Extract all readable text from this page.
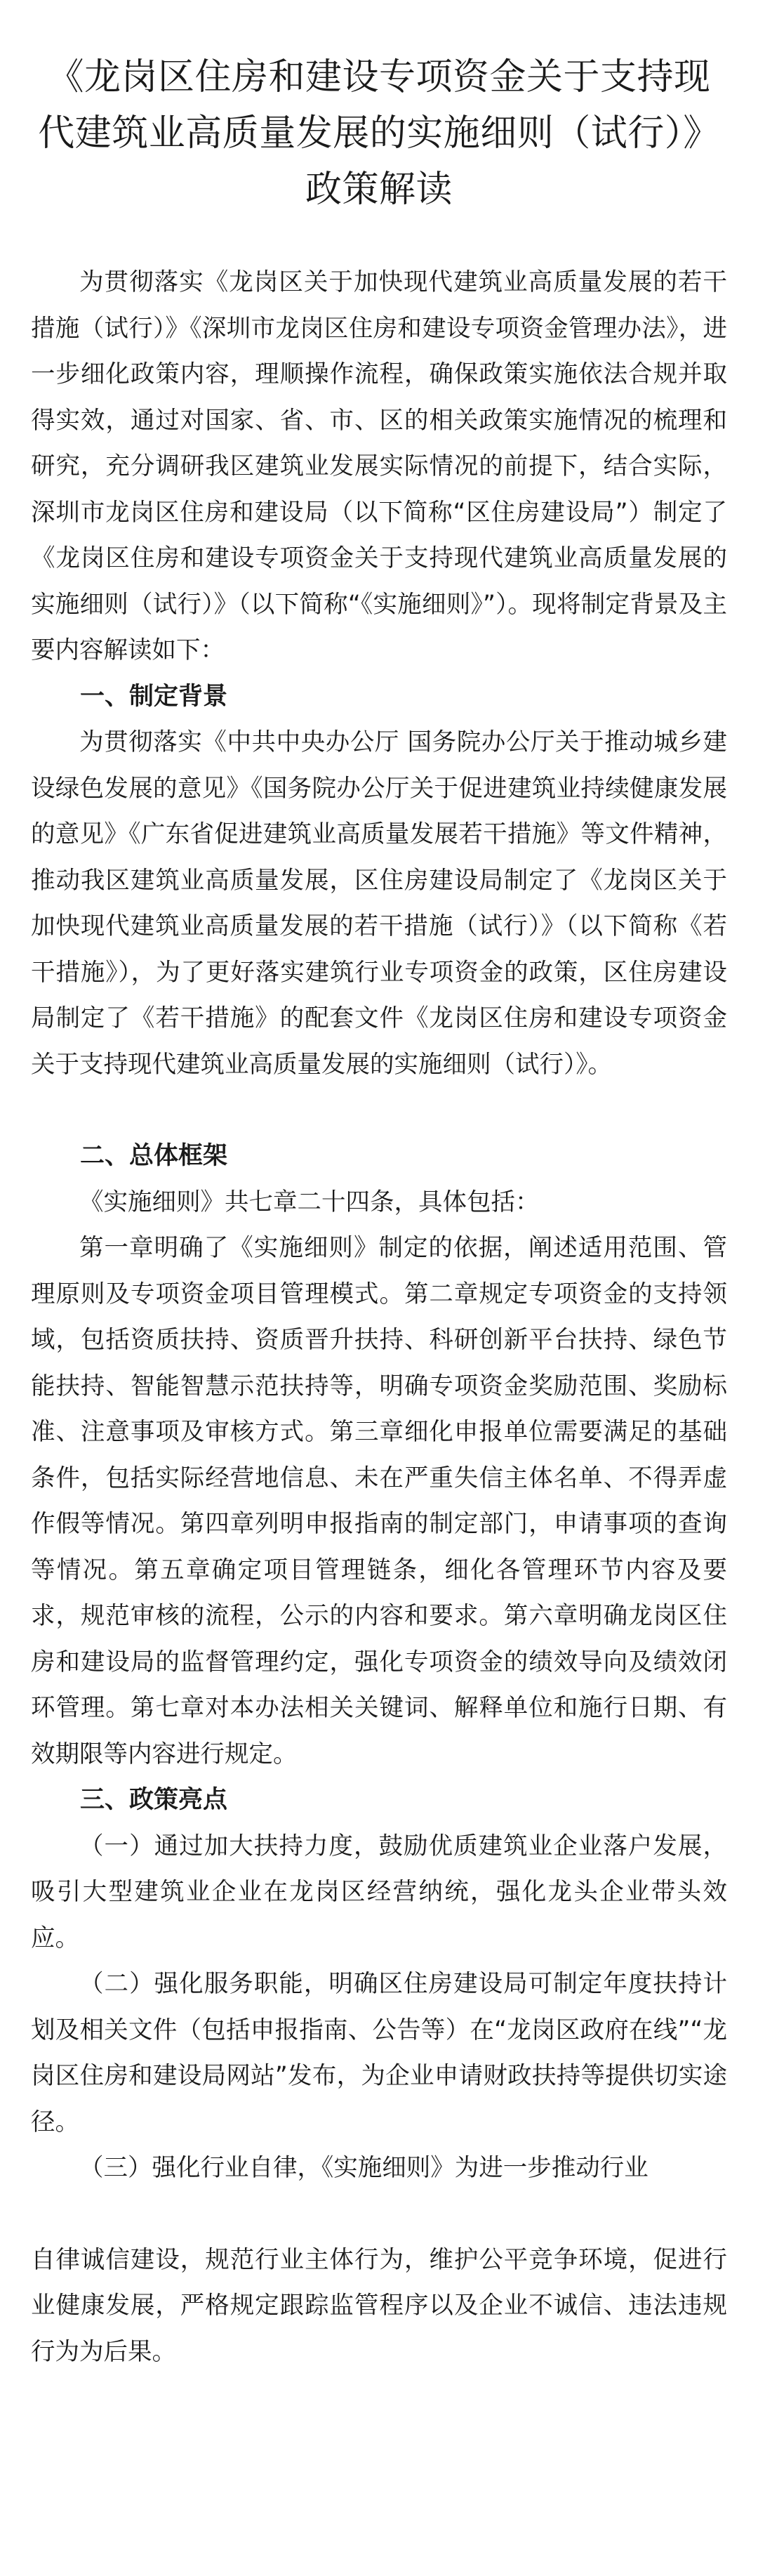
《龙岗区住房和建设专项资金关于支持现
代建筑业高质量发展的实施细则（试行）》
政策解读

为贯彻落实《龙岗区关于加快现代建筑业高质量发展的若干措施（试行）》《深圳市龙岗区住房和建设专项资金管理办法》，进一步细化政策内容，理顺操作流程，确保政策实施依法合规并取得实效，通过对国家、省、市、区的相关政策实施情况的梳理和研究，充分调研我区建筑业发展实际情况的前提下，结合实际，深圳市龙岗区住房和建设局（以下简称“区住房建设局”）制定了《龙岗区住房和建设专项资金关于支持现代建筑业高质量发展的实施细则（试行）》（以下简称“《实施细则》”）。现将制定背景及主要内容解读如下：

一、制定背景

为贯彻落实《中共中央办公厅 国务院办公厅关于推动城乡建设绿色发展的意见》《国务院办公厅关于促进建筑业持续健康发展的意见》《广东省促进建筑业高质量发展若干措施》等文件精神，推动我区建筑业高质量发展，区住房建设局制定了《龙岗区关于加快现代建筑业高质量发展的若干措施（试行）》（以下简称《若干措施》），为了更好落实建筑行业专项资金的政策，区住房建设局制定了《若干措施》的配套文件《龙岗区住房和建设专项资金关于支持现代建筑业高质量发展的实施细则（试行）》。

二、总体框架

《实施细则》共七章二十四条，具体包括：

第一章明确了《实施细则》制定的依据，阐述适用范围、管理原则及专项资金项目管理模式。第二章规定专项资金的支持领域，包括资质扶持、资质晋升扶持、科研创新平台扶持、绿色节能扶持、智能智慧示范扶持等，明确专项资金奖励范围、奖励标准、注意事项及审核方式。第三章细化申报单位需要满足的基础条件，包括实际经营地信息、未在严重失信主体名单、不得弄虚作假等情况。第四章列明申报指南的制定部门，申请事项的查询等情况。第五章确定项目管理链条，细化各管理环节内容及要求，规范审核的流程，公示的内容和要求。第六章明确龙岗区住房和建设局的监督管理约定，强化专项资金的绩效导向及绩效闭环管理。第七章对本办法相关关键词、解释单位和施行日期、有效期限等内容进行规定。

三、政策亮点

（一）通过加大扶持力度，鼓励优质建筑业企业落户发展，吸引大型建筑业企业在龙岗区经营纳统，强化龙头企业带头效应。

（二）强化服务职能，明确区住房建设局可制定年度扶持计划及相关文件（包括申报指南、公告等）在“龙岗区政府在线”“龙岗区住房和建设局网站”发布，为企业申请财政扶持等提供切实途径。

（三）强化行业自律，《实施细则》为进一步推动行业

自律诚信建设，规范行业主体行为，维护公平竞争环境，促进行业健康发展，严格规定跟踪监管程序以及企业不诚信、违法违规行为为后果。
